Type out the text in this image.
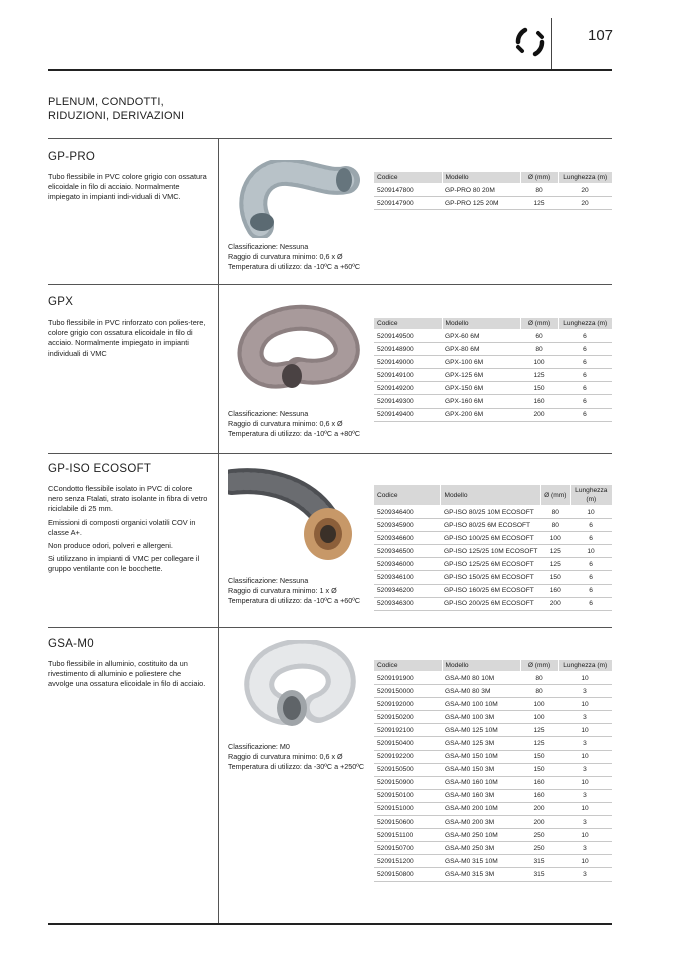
107
PLENUM, CONDOTTI,
RIDUZIONI, DERIVAZIONI
GP-PRO
Tubo flessibile in PVC colore grigio con ossatura elicoidale in filo di acciaio. Normalmente impiegato in impianti indi-viduali di VMC.
Classificazione: Nessuna
Raggio di curvatura minimo: 0,6 x Ø
Temperatura di utilizzo: da -10ºC a +60ºC
Codice	Modello	Ø (mm)	Lunghezza (m)
5209147800	GP-PRO 80 20M	80	20
5209147900	GP-PRO 125 20M	125	20
GPX
Tubo flessibile in PVC rinforzato con polies-tere, colore grigio con ossatura elicoidale in filo di acciaio. Normalmente impiegato in impianti individuali di VMC
Classificazione: Nessuna
Raggio di curvatura minimo: 0,6 x Ø
Temperatura di utilizzo: da -10ºC a +80ºC
Codice	Modello	Ø (mm)	Lunghezza (m)
5209149500	GPX-60 6M	60	6
5209148900	GPX-80 6M	80	6
5209149000	GPX-100 6M	100	6
5209149100	GPX-125 6M	125	6
5209149200	GPX-150 6M	150	6
5209149300	GPX-160 6M	160	6
5209149400	GPX-200 6M	200	6
GP-ISO ECOSOFT

CCondotto flessibile isolato in PVC di colore nero senza Ftalati, strato isolante in fibra di vetro riciclabile di 25 mm.

Emissioni di composti organici volatili COV in classe A+.

Non produce odori, polveri e allergeni.

Si utilizzano in impianti di VMC per collegare il gruppo ventilante con le bocchette.

Classificazione: Nessuna
Raggio di curvatura minimo: 1 x Ø
Temperatura di utilizzo: da -10ºC a +60ºC
Codice	Modello	Ø (mm)	Lunghezza (m)
5209346400	GP-ISO 80/25 10M ECOSOFT	80	10
5209345900	GP-ISO 80/25 6M ECOSOFT	80	6
5209346600	GP-ISO 100/25 6M ECOSOFT	100	6
5209346500	GP-ISO 125/25 10M ECOSOFT	125	10
5209346000	GP-ISO 125/25 6M ECOSOFT	125	6
5209346100	GP-ISO 150/25 6M ECOSOFT	150	6
5209346200	GP-ISO 160/25 6M ECOSOFT	160	6
5209346300	GP-ISO 200/25 6M ECOSOFT	200	6
GSA-M0
Tubo flessibile in alluminio, costituito da un rivestimento di alluminio e poliestere che avvolge una ossatura elicoidale in filo di acciaio.
Classificazione: M0
Raggio di curvatura minimo: 0,6 x Ø
Temperatura di utilizzo: da -30ºC a +250ºC
Codice	Modello	Ø (mm)	Lunghezza (m)
5209191900	GSA-M0 80 10M	80	10
5209150000	GSA-M0 80 3M	80	3
5209192000	GSA-M0 100 10M	100	10
5209150200	GSA-M0 100 3M	100	3
5209192100	GSA-M0 125 10M	125	10
5209150400	GSA-M0 125 3M	125	3
5209192200	GSA-M0 150 10M	150	10
5209150500	GSA-M0 150 3M	150	3
5209150900	GSA-M0 160 10M	160	10
5209150100	GSA-M0 160 3M	160	3
5209151000	GSA-M0 200 10M	200	10
5209150600	GSA-M0 200 3M	200	3
5209151100	GSA-M0 250 10M	250	10
5209150700	GSA-M0 250 3M	250	3
5209151200	GSA-M0 315 10M	315	10
5209150800	GSA-M0 315 3M	315	3
